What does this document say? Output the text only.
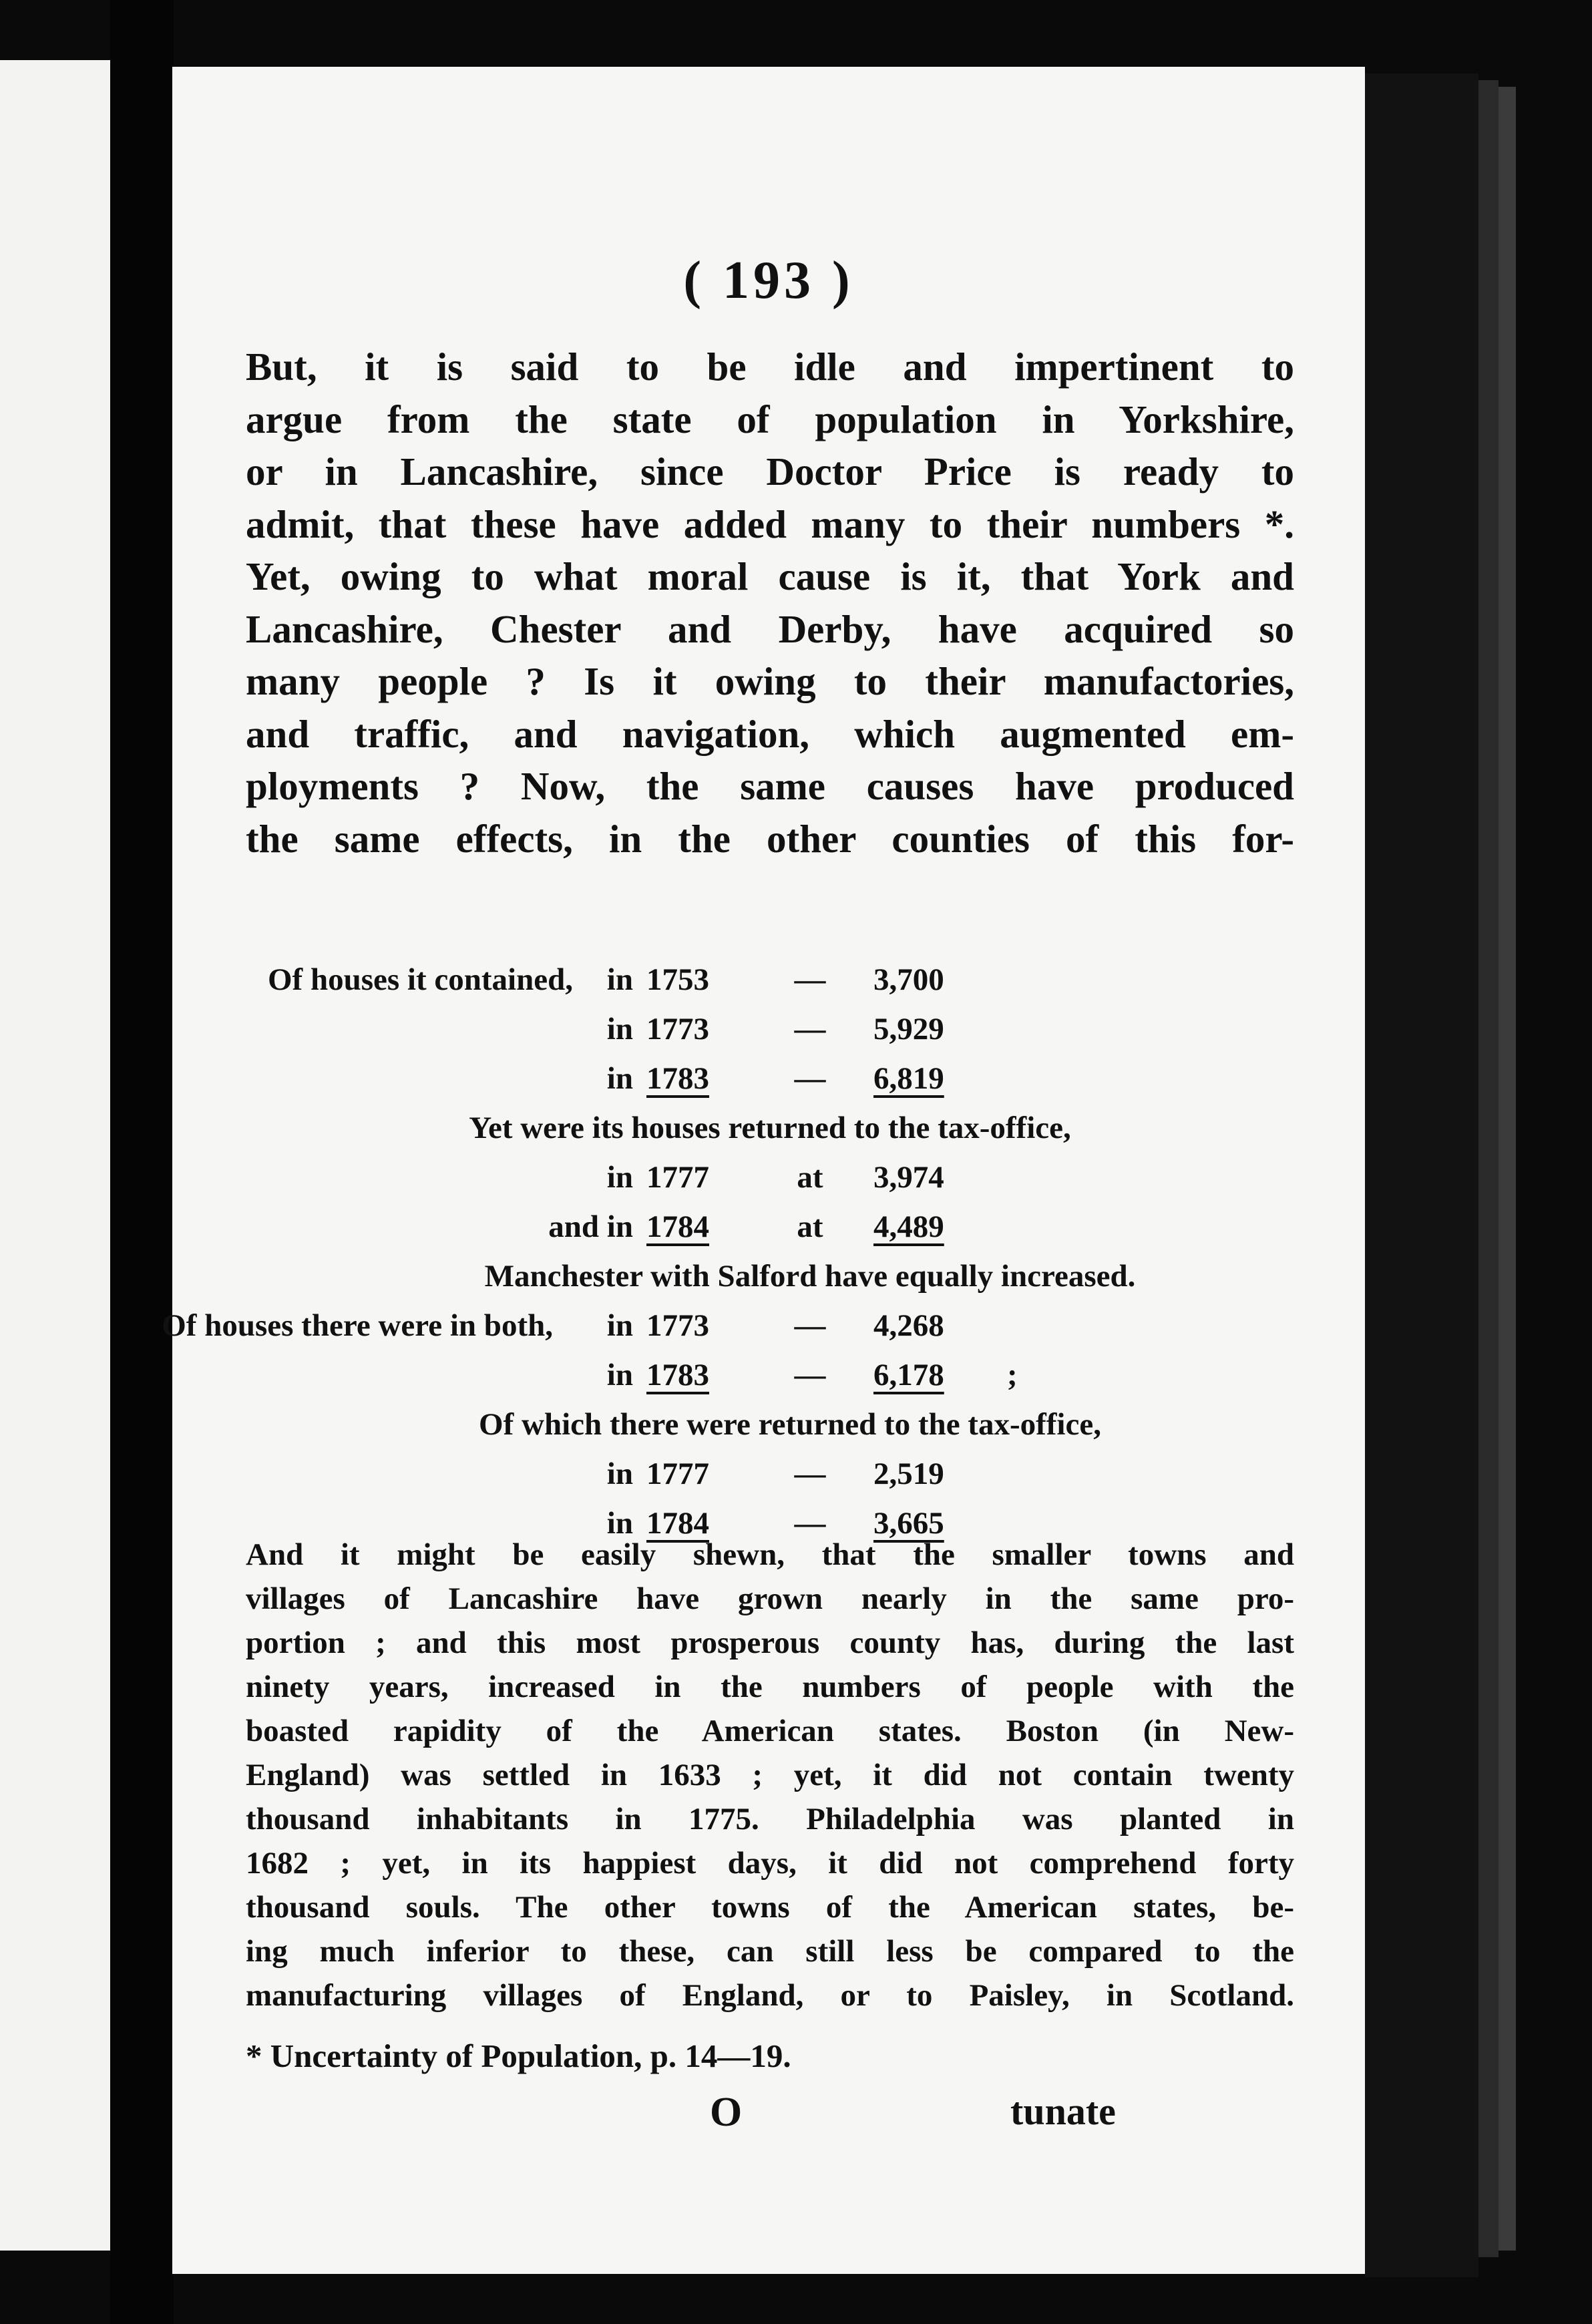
( 193 )
But, it is said to be idle and impertinent to
argue from the state of population in Yorkshire,
or in Lancashire, since Doctor Price is ready to
admit, that these have added many to their numbers *.
Yet, owing to what moral cause is it, that York and
Lancashire, Chester and Derby, have acquired so
many people ? Is it owing to their manufactories,
and traffic, and navigation, which augmented em-
ployments ? Now, the same causes have produced
the same effects, in the other counties of this for-
Of houses it contained,	in 1753	—	3,700
in 1773	—	5,929
in 1783	—	6,819
Yet were its houses returned to the tax-office,
in 1777	at	3,974
and in 1784	at	4,489
Manchester with Salford have equally increased.
Of houses there were in both,	in 1773	—	4,268
in 1783	—	6,178	;
Of which there were returned to the tax-office,
in 1777	—	2,519
in 1784	—	3,665
And it might be easily shewn, that the smaller towns and
villages of Lancashire have grown nearly in the same pro-
portion ; and this most prosperous county has, during the last
ninety years, increased in the numbers of people with the
boasted rapidity of the American states. Boston (in New-
England) was settled in 1633 ; yet, it did not contain twenty
thousand inhabitants in 1775. Philadelphia was planted in
1682 ; yet, in its happiest days, it did not comprehend forty
thousand souls. The other towns of the American states, be-
ing much inferior to these, can still less be compared to the
manufacturing villages of England, or to Paisley, in Scotland.
* Uncertainty of Population, p. 14—19.
O	tunate
